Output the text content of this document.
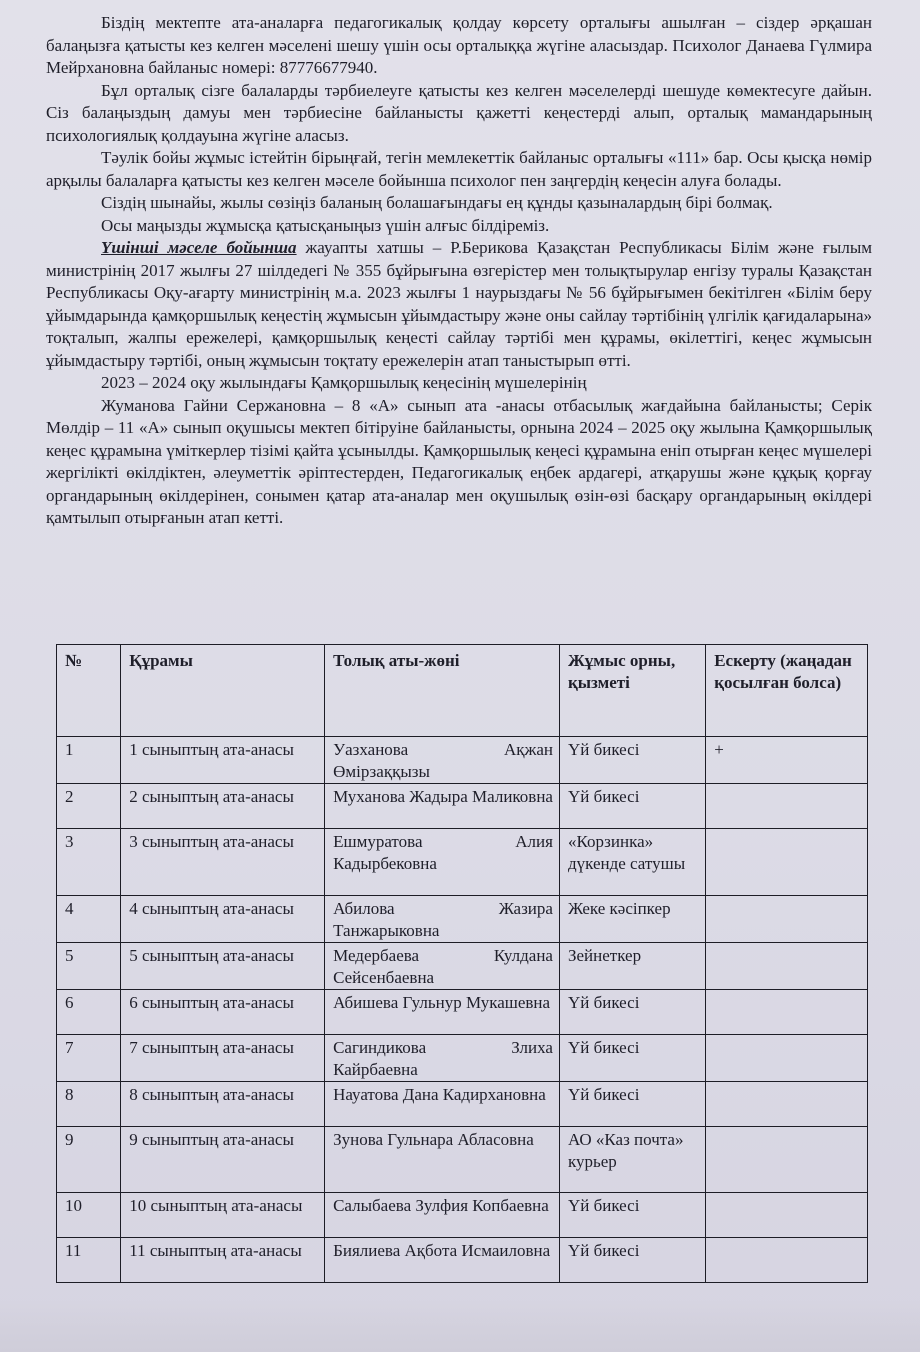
Біздің мектепте ата-аналарға педагогикалық қолдау көрсету орталығы ашылған – сіздер әрқашан балаңызға қатысты кез келген мәселені шешу үшін осы орталыққа жүгіне аласыздар. Психолог Данаева Гүлмира Мейрхановна байланыс номері: 87776677940.

Бұл орталық сізге балаларды тәрбиелеуге қатысты кез келген мәселелерді шешуде көмектесуге дайын. Сіз балаңыздың дамуы мен тәрбиесіне байланысты қажетті кеңестерді алып, орталық мамандарының психологиялық қолдауына жүгіне аласыз.

Тәулік бойы жұмыс істейтін бірыңғай, тегін мемлекеттік байланыс орталығы «111» бар. Осы қысқа нөмір арқылы балаларға қатысты кез келген мәселе бойынша психолог пен заңгердің кеңесін алуға болады.

Сіздің шынайы, жылы сөзіңіз баланың болашағындағы ең құнды қазыналардың бірі болмақ.

Осы маңызды жұмысқа қатысқаныңыз үшін алғыс білдіреміз.

Үшінші мәселе бойынша жауапты хатшы – Р.Берикова Қазақстан Республикасы Білім және ғылым министрінің 2017 жылғы 27 шілдедегі № 355 бұйрығына өзгерістер мен толықтырулар енгізу туралы Қазақстан Республикасы Оқу-ағарту министрінің м.а. 2023 жылғы 1 наурыздағы № 56 бұйрығымен бекітілген «Білім беру ұйымдарында қамқоршылық кеңестің жұмысын ұйымдастыру және оны сайлау тәртібінің үлгілік қағидаларына» тоқталып, жалпы ережелері, қамқоршылық кеңесті сайлау тәртібі мен құрамы, өкілеттігі, кеңес жұмысын ұйымдастыру тәртібі, оның жұмысын тоқтату ережелерін атап таныстырып өтті.

2023 – 2024 оқу жылындағы Қамқоршылық кеңесінің мүшелерінің

Жуманова Гайни Сержановна – 8 «А» сынып ата -анасы отбасылық жағдайына байланысты; Серік Мөлдір – 11 «А» сынып оқушысы мектеп бітіруіне байланысты, орнына 2024 – 2025 оқу жылына Қамқоршылық кеңес құрамына үміткерлер тізімі қайта ұсынылды. Қамқоршылық кеңесі құрамына еніп отырған кеңес мүшелері жергілікті өкілдіктен, әлеуметтік әріптестерден, Педагогикалық еңбек ардагері, атқарушы және құқық қорғау органдарының өкілдерінен, сонымен қатар ата-аналар мен оқушылық өзін-өзі басқару органдарының өкілдері қамтылып отырғанын атап кетті.

№	Құрамы	Толық аты-жөні	Жұмыс орны, қызметі	Ескерту (жаңадан қосылған болса)
1	1 сыныптың ата-анасы	Уазханова Ақжан Өмірзаққызы	Үй бикесі	+
2	2 сыныптың ата-анасы	Муханова Жадыра Маликовна	Үй бикесі	
3	3 сыныптың ата-анасы	Ешмуратова Алия Кадырбековна	«Корзинка» дүкенде сатушы	
4	4 сыныптың ата-анасы	Абилова Жазира Танжарыковна	Жеке кәсіпкер	
5	5 сыныптың ата-анасы	Медербаева Кулдана Сейсенбаевна	Зейнеткер	
6	6 сыныптың ата-анасы	Абишева Гульнур Мукашевна	Үй бикесі	
7	7 сыныптың ата-анасы	Сагиндикова Злиха Кайрбаевна	Үй бикесі	
8	8 сыныптың ата-анасы	Науатова Дана Кадирхановна	Үй бикесі	
9	9 сыныптың ата-анасы	Зунова Гульнара Абласовна	АО «Каз почта» курьер	
10	10 сыныптың ата-анасы	Салыбаева Зулфия Копбаевна	Үй бикесі	
11	11 сыныптың ата-анасы	Биялиева Ақбота Исмаиловна	Үй бикесі	
